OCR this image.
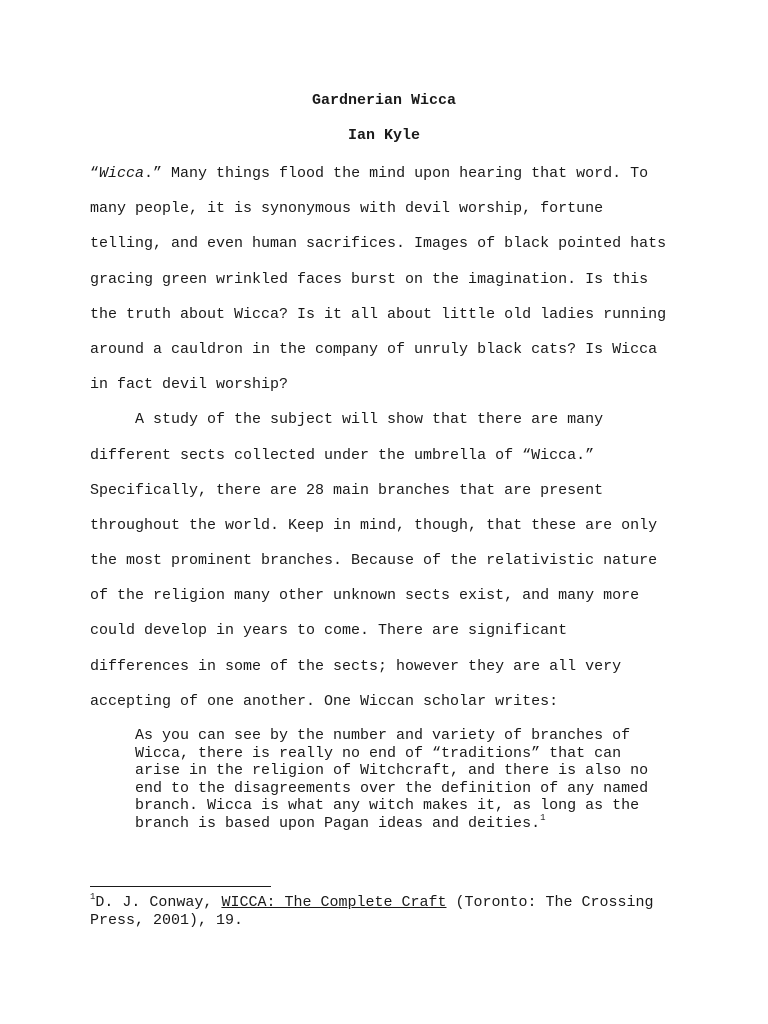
Gardnerian Wicca
Ian Kyle
“Wicca.” Many things flood the mind upon hearing that word. To
many people, it is synonymous with devil worship, fortune
telling, and even human sacrifices. Images of black pointed hats
gracing green wrinkled faces burst on the imagination. Is this
the truth about Wicca? Is it all about little old ladies running
around a cauldron in the company of unruly black cats? Is Wicca
in fact devil worship?
A study of the subject will show that there are many
different sects collected under the umbrella of “Wicca.”
Specifically, there are 28 main branches that are present
throughout the world. Keep in mind, though, that these are only
the most prominent branches. Because of the relativistic nature
of the religion many other unknown sects exist, and many more
could develop in years to come. There are significant
differences in some of the sects; however they are all very
accepting of one another. One Wiccan scholar writes:
As you can see by the number and variety of branches of
Wicca, there is really no end of “traditions” that can
arise in the religion of Witchcraft, and there is also no
end to the disagreements over the definition of any named
branch. Wicca is what any witch makes it, as long as the
branch is based upon Pagan ideas and deities.$^1$
$^1$D. J. Conway, WICCA: The Complete Craft (Toronto: The Crossing
Press, 2001), 19.
